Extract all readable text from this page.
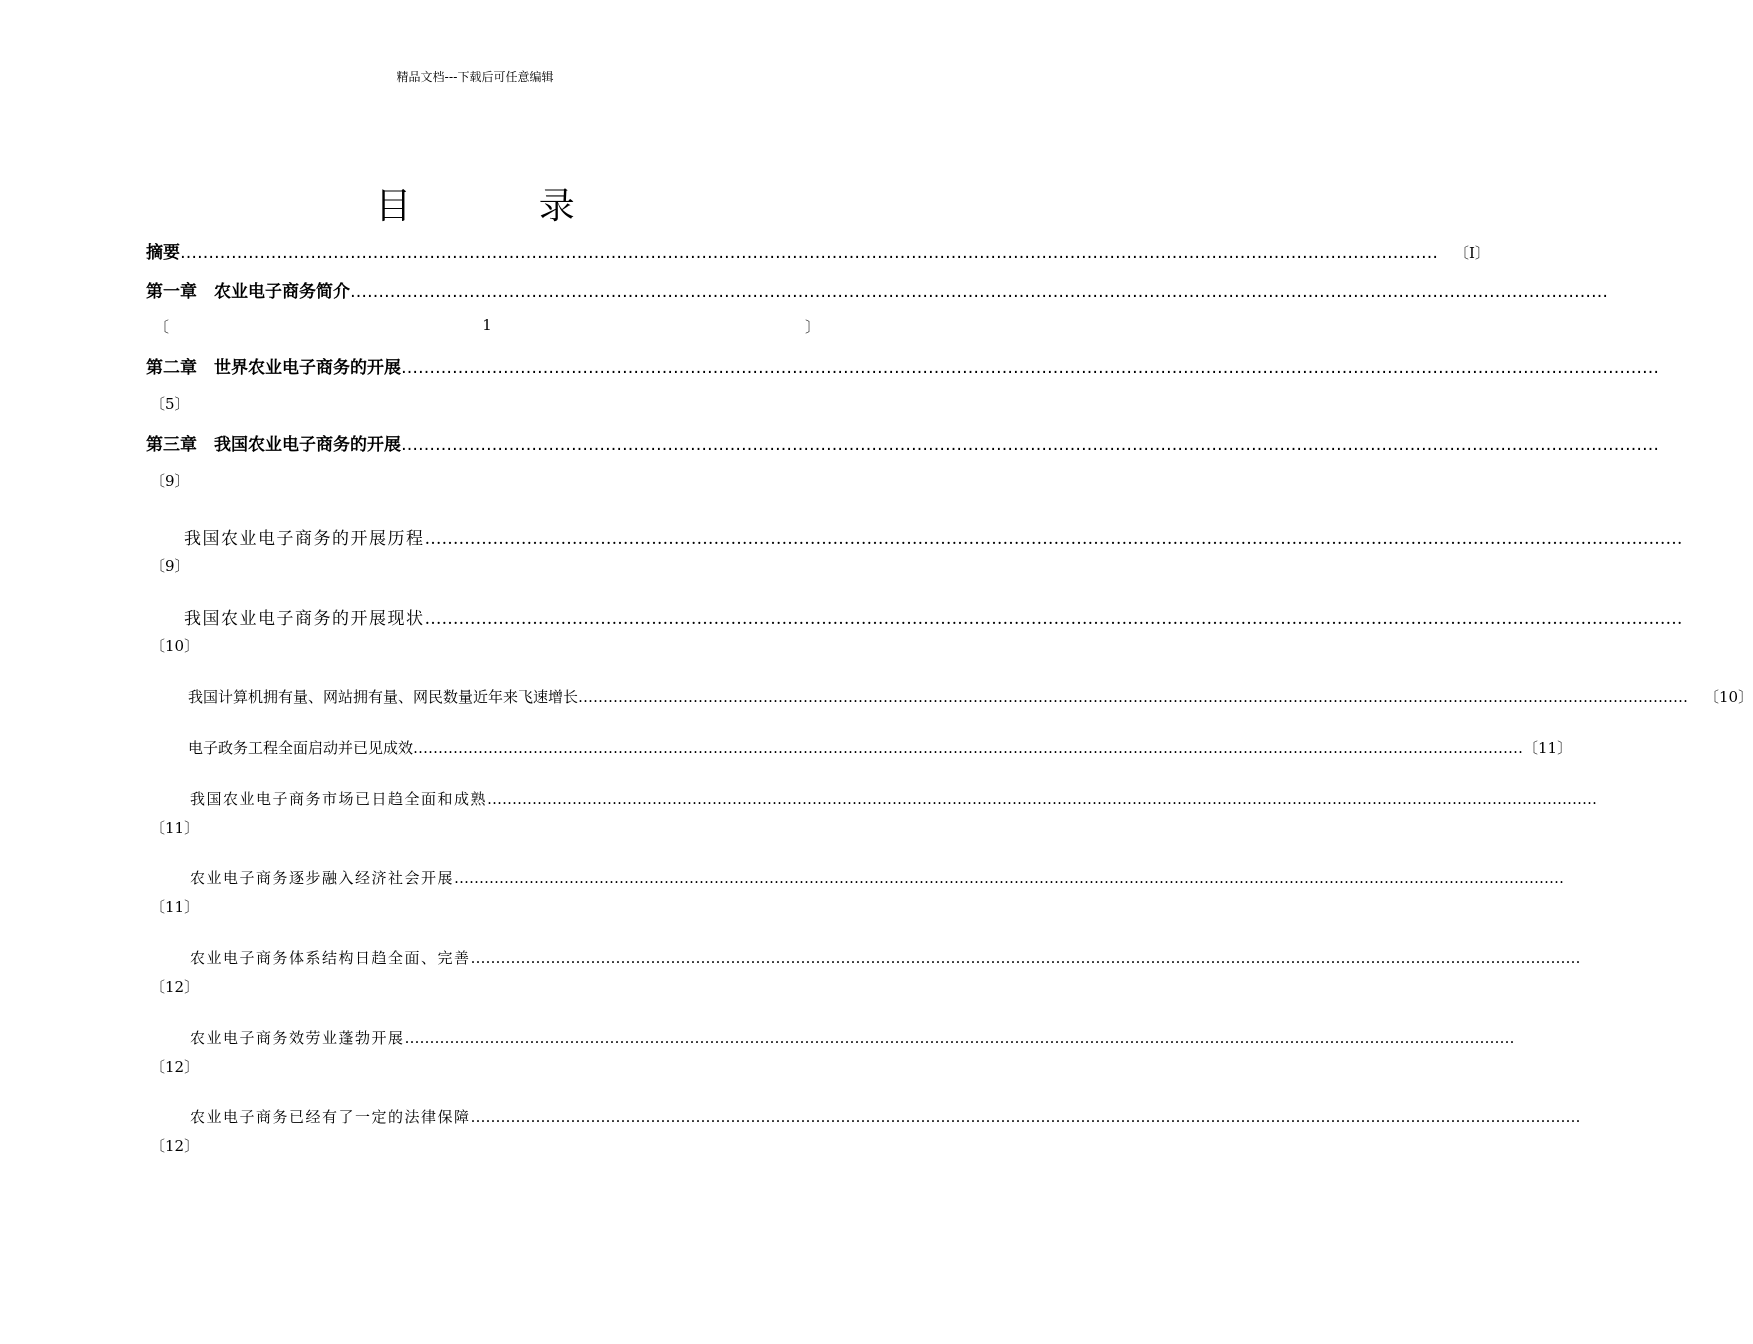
精品文档---下载后可任意编辑
目 录
摘要 …………………………………………………………………………………………………………………………………………………………………………………………………… 〔Ⅰ〕
第一章　农业电子商务简介 ……………………………………………………………………………………………………………………………………………………………………………………………………
〔	1	〕
第二章　世界农业电子商务的开展 ……………………………………………………………………………………………………………………………………………………………………………………………………
〔5〕
第三章　我国农业电子商务的开展 ……………………………………………………………………………………………………………………………………………………………………………………………………
〔9〕
我国农业电子商务的开展历程 ……………………………………………………………………………………………………………………………………………………………………………………………………
〔9〕
我国农业电子商务的开展现状 ……………………………………………………………………………………………………………………………………………………………………………………………………
〔10〕
我国计算机拥有量、网站拥有量、网民数量近年来飞速增长 …………………………………………………………………………………………………………………………………………………………………………………………………… 〔10〕
电子政务工程全面启动并已见成效 …………………………………………………………………………………………………………………………………………………………………………………………………… 〔11〕
我国农业电子商务市场已日趋全面和成熟 ……………………………………………………………………………………………………………………………………………………………………………………………………
〔11〕
农业电子商务逐步融入经济社会开展 ……………………………………………………………………………………………………………………………………………………………………………………………………
〔11〕
农业电子商务体系结构日趋全面、完善 ……………………………………………………………………………………………………………………………………………………………………………………………………
〔12〕
农业电子商务效劳业蓬勃开展 ……………………………………………………………………………………………………………………………………………………………………………………………………
〔12〕
农业电子商务已经有了一定的法律保障 ……………………………………………………………………………………………………………………………………………………………………………………………………
〔12〕
